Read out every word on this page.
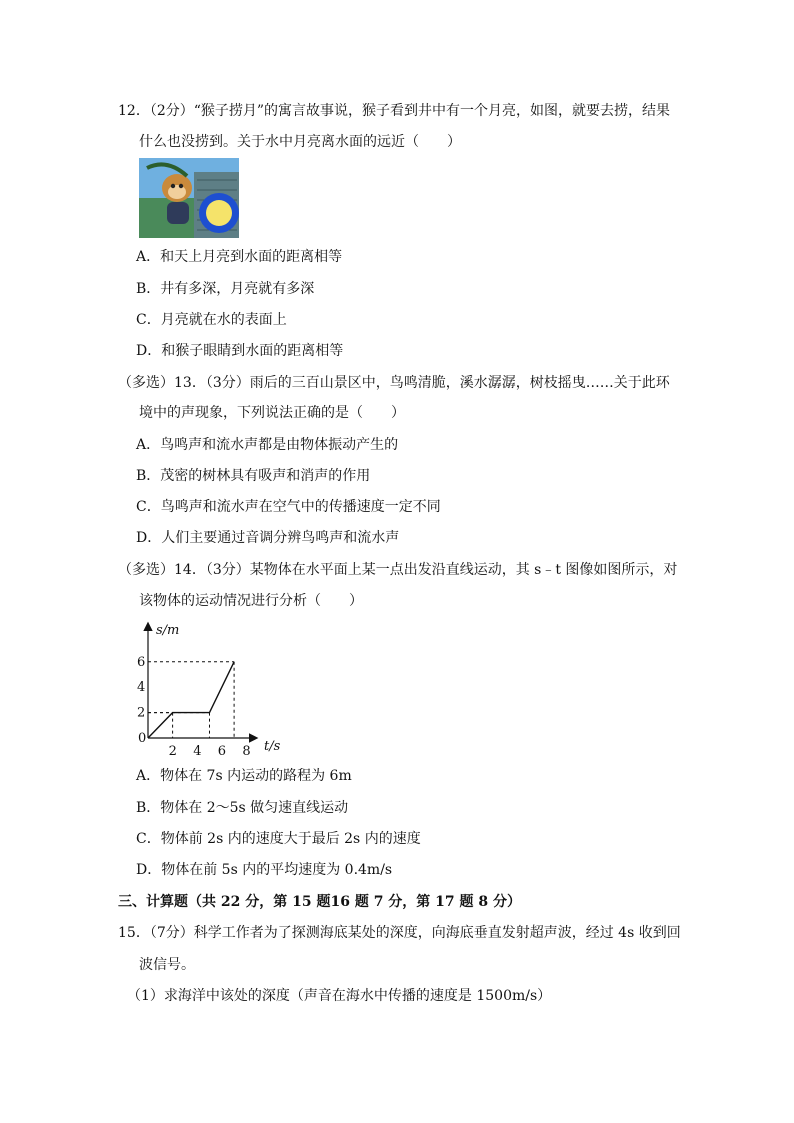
12．（2分）“猴子捞月”的寓言故事说，猴子看到井中有一个月亮，如图，就要去捞，结果
什么也没捞到。关于水中月亮离水面的远近（　　）
A．和天上月亮到水面的距离相等
B．井有多深，月亮就有多深
C．月亮就在水的表面上
D．和猴子眼睛到水面的距离相等
（多选）13．（3分）雨后的三百山景区中，鸟鸣清脆，溪水潺潺，树枝摇曳……关于此环
境中的声现象，下列说法正确的是（　　）
A．鸟鸣声和流水声都是由物体振动产生的
B．茂密的树林具有吸声和消声的作用
C．鸟鸣声和流水声在空气中的传播速度一定不同
D．人们主要通过音调分辨鸟鸣声和流水声
（多选）14．（3分）某物体在水平面上某一点出发沿直线运动，其 s﹣t 图像如图所示，对
该物体的运动情况进行分析（　　）
s/m
t/s
0
2 4 6 8
2
4
6
A．物体在 7s 内运动的路程为 6m
B．物体在 2～5s 做匀速直线运动
C．物体前 2s 内的速度大于最后 2s 内的速度
D．物体在前 5s 内的平均速度为 0.4m/s
三、计算题（共 22 分，第 15 题16 题 7 分，第 17 题 8 分）
15．（7分）科学工作者为了探测海底某处的深度，向海底垂直发射超声波，经过 4s 收到回
波信号。
（1）求海洋中该处的深度（声音在海水中传播的速度是 1500m/s）
